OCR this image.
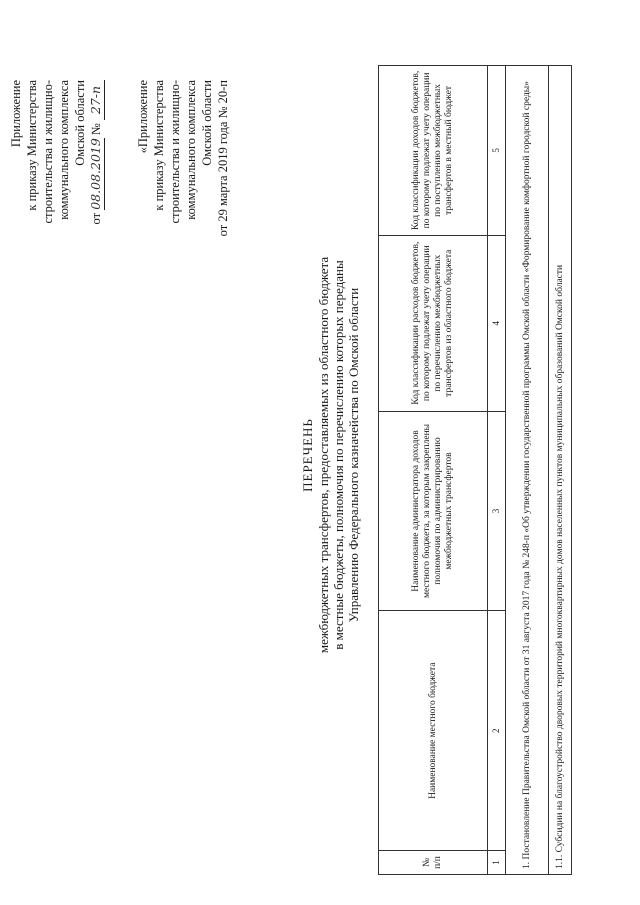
Приложение к приказу Министерства строительства и жилищно- коммунального комплекса Омской области
от 08.08.2019 № 27-п	«Приложение к приказу Министерства строительства и жилищно- коммунального комплекса Омской области от 29 марта 2019 года № 20-п
ПЕРЕЧЕНЬ межбюджетных трансфертов, предоставляемых из областного бюджета в местные бюджеты, полномочия по перечислению которых переданы Управлению Федерального казначейства по Омской области
№ п/п	Наименование местного бюджета	Наименование администратора доходов местного бюджета, за которым закреплены полномочия по администрированию межбюджетных трансфертов	Код классификации расходов бюджетов, по которому подлежат учету операции по перечислению межбюджетных трансфертов из областного бюджета	Код классификации доходов бюджетов, по которому подлежат учету операции по поступлению межбюджетных трансфертов в местный бюджет
1	2	3	4	5
1. Постановление Правительства Омской области от 31 августа 2017 года № 248-п «Об утверждении государственной программы Омской области «Формирование комфортной городской среды»				
1.1. Субсидии на благоустройство дворовых территорий многоквартирных домов населенных пунктов муниципальных образований Омской области				
